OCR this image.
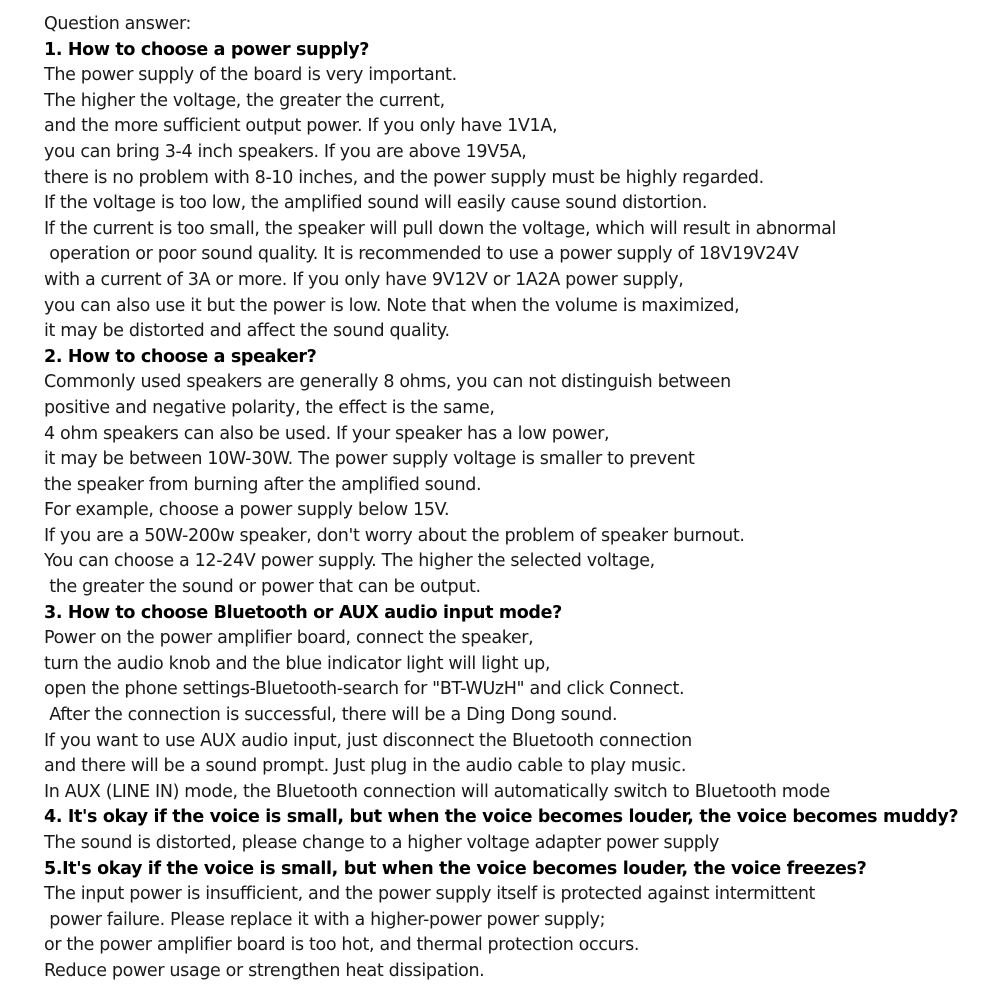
Question answer:
1. How to choose a power supply?
The power supply of the board is very important.
The higher the voltage, the greater the current,
and the more sufficient output power. If you only have 1V1A,
you can bring 3-4 inch speakers. If you are above 19V5A,
there is no problem with 8-10 inches, and the power supply must be highly regarded.
If the voltage is too low, the amplified sound will easily cause sound distortion.
If the current is too small, the speaker will pull down the voltage, which will result in abnormal
operation or poor sound quality. It is recommended to use a power supply of 18V19V24V
with a current of 3A or more. If you only have 9V12V or 1A2A power supply,
you can also use it but the power is low. Note that when the volume is maximized,
it may be distorted and affect the sound quality.
2. How to choose a speaker?
Commonly used speakers are generally 8 ohms, you can not distinguish between
positive and negative polarity, the effect is the same,
4 ohm speakers can also be used. If your speaker has a low power,
it may be between 10W-30W. The power supply voltage is smaller to prevent
the speaker from burning after the amplified sound.
For example, choose a power supply below 15V.
If you are a 50W-200w speaker, don't worry about the problem of speaker burnout.
You can choose a 12-24V power supply. The higher the selected voltage,
the greater the sound or power that can be output.
3. How to choose Bluetooth or AUX audio input mode?
Power on the power amplifier board, connect the speaker,
turn the audio knob and the blue indicator light will light up,
open the phone settings-Bluetooth-search for "BT-WUzH" and click Connect.
After the connection is successful, there will be a Ding Dong sound.
If you want to use AUX audio input, just disconnect the Bluetooth connection
and there will be a sound prompt. Just plug in the audio cable to play music.
In AUX (LINE IN) mode, the Bluetooth connection will automatically switch to Bluetooth mode
4. It's okay if the voice is small, but when the voice becomes louder, the voice becomes muddy?
The sound is distorted, please change to a higher voltage adapter power supply
5.It's okay if the voice is small, but when the voice becomes louder, the voice freezes?
The input power is insufficient, and the power supply itself is protected against intermittent
power failure. Please replace it with a higher-power power supply;
or the power amplifier board is too hot, and thermal protection occurs.
Reduce power usage or strengthen heat dissipation.
